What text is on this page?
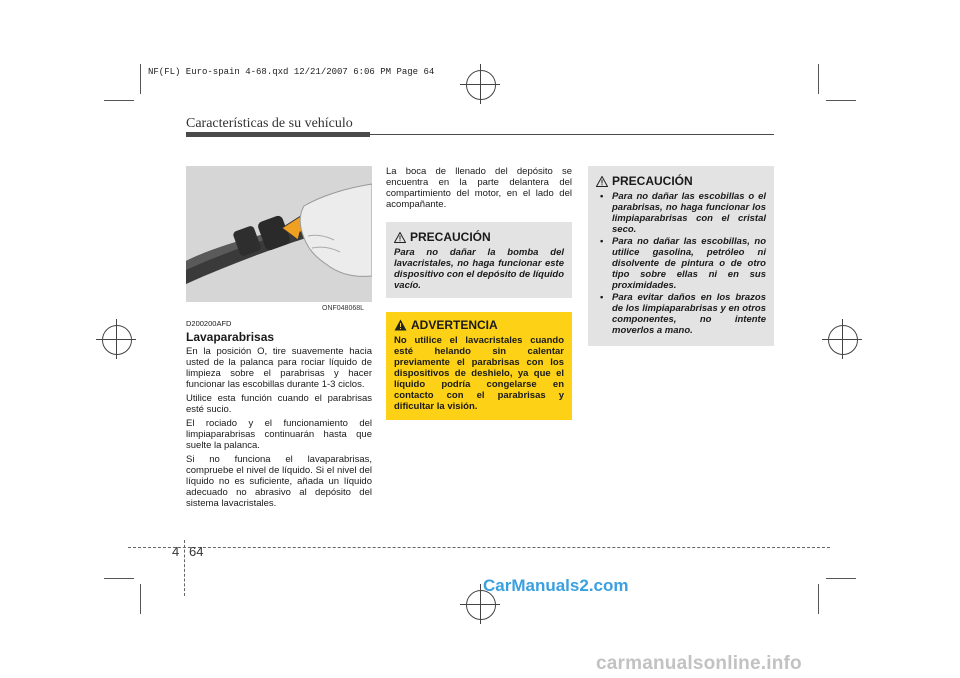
NF(FL) Euro-spain 4-68.qxd 12/21/2007 6:06 PM Page 64
Características de su vehículo
ONF048068L
D200200AFD
Lavaparabrisas

En la posición O, tire suavemente hacia usted de la palanca para rociar líquido de limpieza sobre el parabrisas y hacer funcionar las escobillas durante 1-3 ciclos.

Utilice esta función cuando el parabrisas esté sucio.

El rociado y el funcionamiento del limpiaparabrisas continuarán hasta que suelte la palanca.

Si no funciona el lavaparabrisas, compruebe el nivel de líquido. Si el nivel del líquido no es suficiente, añada un líquido adecuado no abrasivo al depósito del sistema lavacristales.

La boca de llenado del depósito se encuentra en la parte delantera del compartimiento del motor, en el lado del acompañante.
PRECAUCIÓN
Para no dañar la bomba del lavacristales, no haga funcionar este dispositivo con el depósito de líquido vacío.
ADVERTENCIA
No utilice el lavacristales cuando esté helando sin calentar previamente el parabrisas con los dispositivos de deshielo, ya que el líquido podría congelarse en contacto con el parabrisas y dificultar la visión.
PRECAUCIÓN
• Para no dañar las escobillas o el parabrisas, no haga funcionar los limpiaparabrisas con el cristal seco.
• Para no dañar las escobillas, no utilice gasolina, petróleo ni disolvente de pintura o de otro tipo sobre ellas ni en sus proximidades.
• Para evitar daños en los brazos de los limpiaparabrisas y en otros componentes, no intente moverlos a mano.
4 64
CarManuals2.com
carmanualsonline.info
